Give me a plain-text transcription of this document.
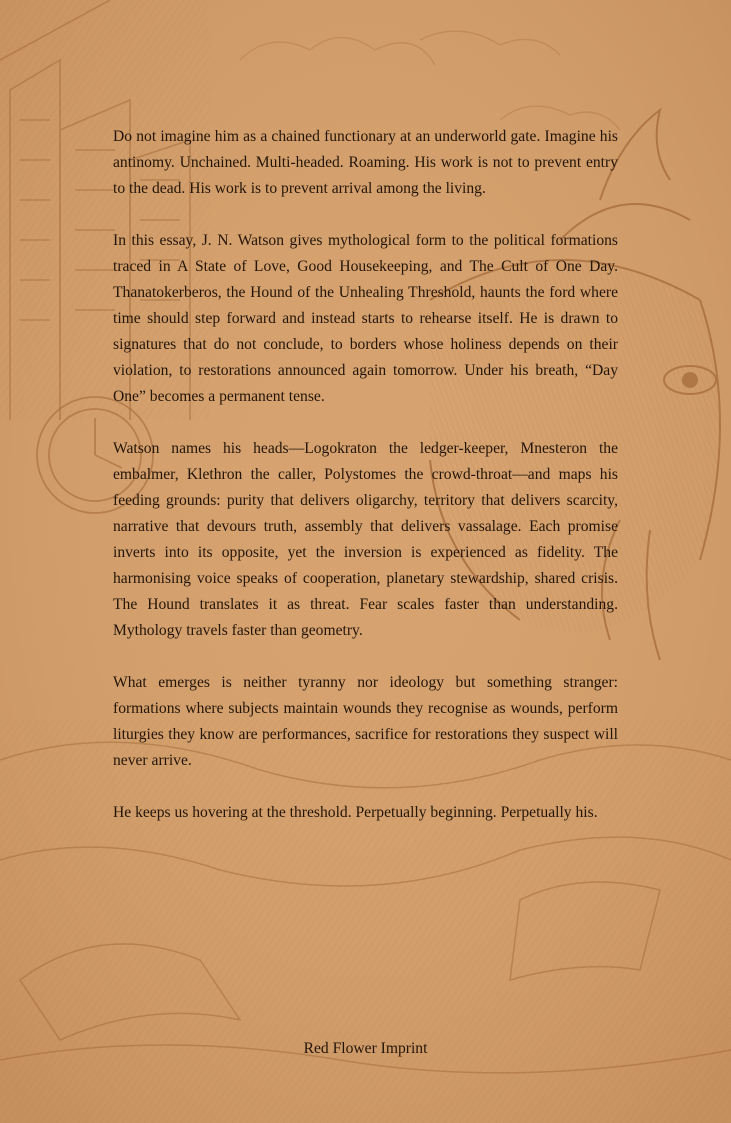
Do not imagine him as a chained functionary at an underworld gate. Imagine his antinomy. Unchained. Multi-headed. Roaming. His work is not to prevent entry to the dead. His work is to prevent arrival among the living.

In this essay, J. N. Watson gives mythological form to the political formations traced in A State of Love, Good Housekeeping, and The Cult of One Day. Thanatokerberos, the Hound of the Unhealing Threshold, haunts the ford where time should step forward and instead starts to rehearse itself. He is drawn to signatures that do not conclude, to borders whose holiness depends on their violation, to restorations announced again tomorrow. Under his breath, “Day One” becomes a permanent tense.

Watson names his heads—Logokraton the ledger-keeper, Mnesteron the embalmer, Klethron the caller, Polystomes the crowd-throat—and maps his feeding grounds: purity that delivers oligarchy, territory that delivers scarcity, narrative that devours truth, assembly that delivers vassalage. Each promise inverts into its opposite, yet the inversion is experienced as fidelity. The harmonising voice speaks of cooperation, planetary stewardship, shared crisis. The Hound translates it as threat. Fear scales faster than understanding. Mythology travels faster than geometry.

What emerges is neither tyranny nor ideology but something stranger: formations where subjects maintain wounds they recognise as wounds, perform liturgies they know are performances, sacrifice for restorations they suspect will never arrive.

He keeps us hovering at the threshold. Perpetually beginning. Perpetually his.

Red Flower Imprint
